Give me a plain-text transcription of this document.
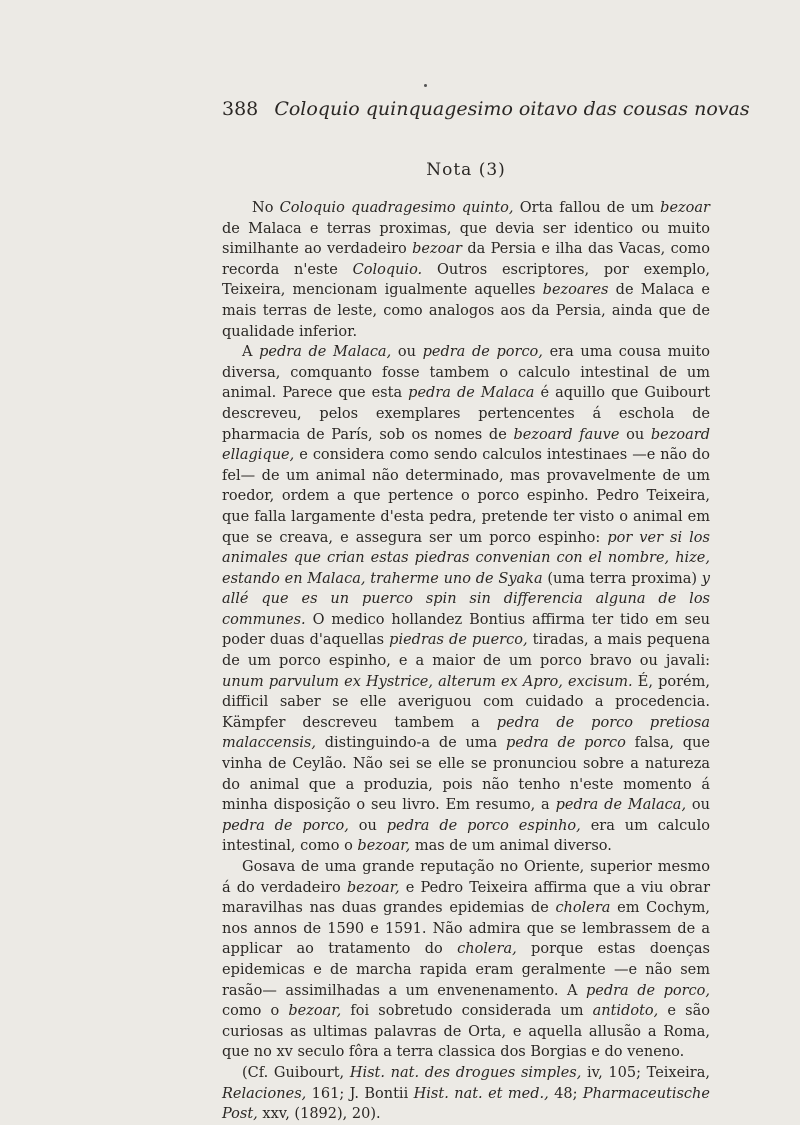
388 Coloquio quinquagesimo oitavo das cousas novas
Nota (3)

No Coloquio quadragesimo quinto, Orta fallou de um bezoar de Malaca e terras proximas, que devia ser identico ou muito similhante ao verdadeiro bezoar da Persia e ilha das Vacas, como recorda n'este Coloquio. Outros escriptores, por exemplo, Teixeira, mencionam igualmente aquelles bezoares de Malaca e mais terras de leste, como analogos aos da Persia, ainda que de qualidade inferior.

A pedra de Malaca, ou pedra de porco, era uma cousa muito diversa, comquanto fosse tambem o calculo intestinal de um animal. Parece que esta pedra de Malaca é aquillo que Guibourt descreveu, pelos exemplares pertencentes á eschola de pharmacia de París, sob os nomes de bezoard fauve ou bezoard ellagique, e considera como sendo calculos intestinaes —e não do fel— de um animal não determinado, mas provavelmente de um roedor, ordem a que pertence o porco espinho. Pedro Teixeira, que falla largamente d'esta pedra, pretende ter visto o animal em que se creava, e assegura ser um porco espinho: por ver si los animales que crian estas piedras convenian con el nombre, hize, estando en Malaca, traherme uno de Syaka (uma terra proxima) y allé que es un puerco spin sin differencia alguna de los communes. O medico hollandez Bontius affirma ter tido em seu poder duas d'aquellas piedras de puerco, tiradas, a mais pequena de um porco espinho, e a maior de um porco bravo ou javali: unum parvulum ex Hystrice, alterum ex Apro, excisum. É, porém, difficil saber se elle averiguou com cuidado a procedencia. Kämpfer descreveu tambem a pedra de porco pretiosa malaccensis, distinguindo-a de uma pedra de porco falsa, que vinha de Ceylão. Não sei se elle se pronunciou sobre a natureza do animal que a produzia, pois não tenho n'este momento á minha disposição o seu livro. Em resumo, a pedra de Malaca, ou pedra de porco, ou pedra de porco espinho, era um calculo intestinal, como o bezoar, mas de um animal diverso.

Gosava de uma grande reputação no Oriente, superior mesmo á do verdadeiro bezoar, e Pedro Teixeira affirma que a viu obrar maravilhas nas duas grandes epidemias de cholera em Cochym, nos annos de 1590 e 1591. Não admira que se lembrassem de a applicar ao tratamento do cholera, porque estas doenças epidemicas e de marcha rapida eram geralmente —e não sem rasão— assimilhadas a um envenenamento. A pedra de porco, como o bezoar, foi sobretudo considerada um antidoto, e são curiosas as ultimas palavras de Orta, e aquella allusão a Roma, que no xv seculo fôra a terra classica dos Borgias e do veneno.

(Cf. Guibourt, Hist. nat. des drogues simples, iv, 105; Teixeira, Relaciones, 161; J. Bontii Hist. nat. et med., 48; Pharmaceutische Post, xxv, (1892), 20).
